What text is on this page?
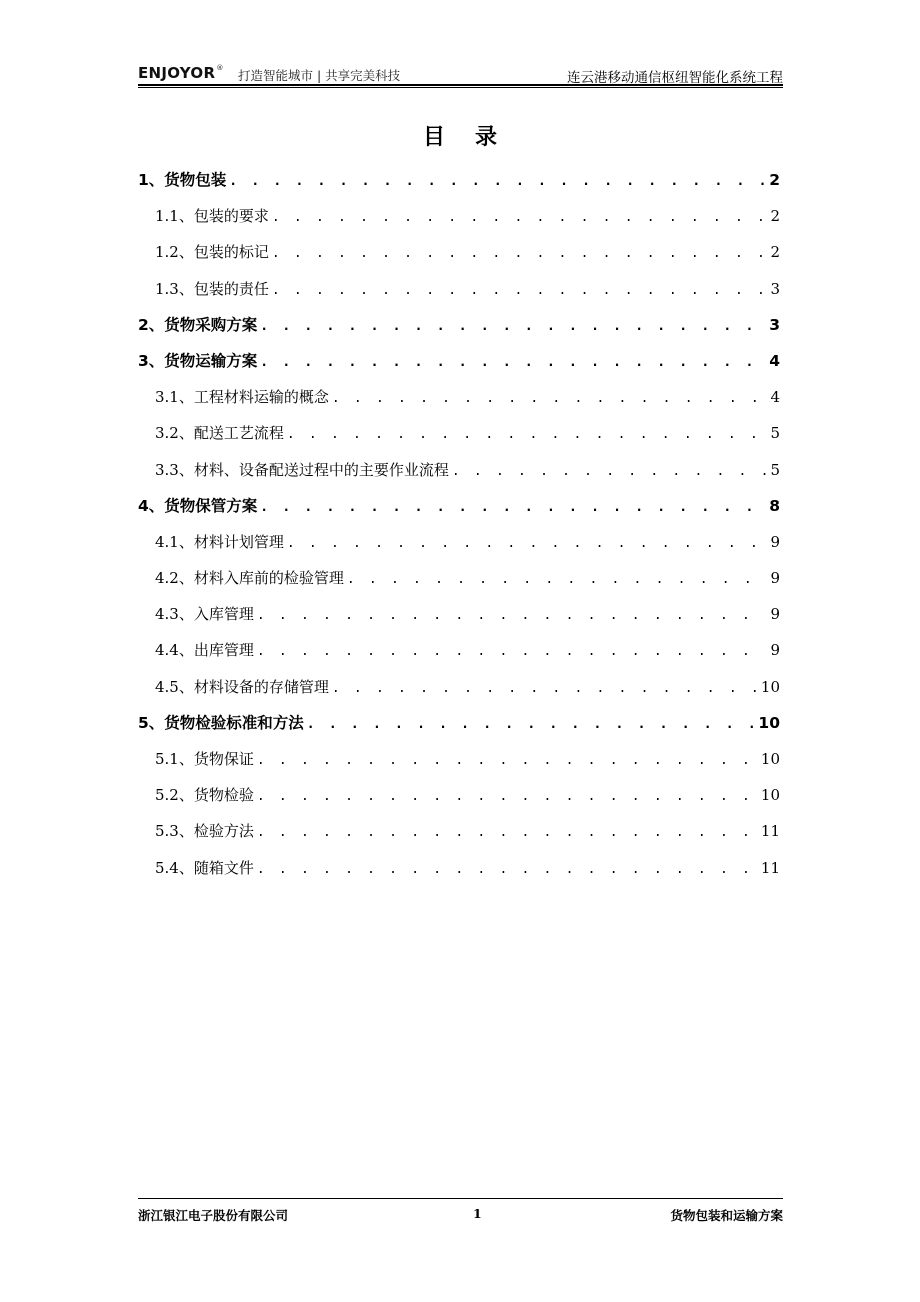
ENJOYOR® 打造智能城市 | 共享完美科技	连云港移动通信枢纽智能化系统工程
目录
1、货物包装 . . .	2
1.1、包装的要求 . . .	2
1.2、包装的标记 . . .	2
1.3、包装的责任 . . .	3
2、货物采购方案 . . .	3
3、货物运输方案 . . .	4
3.1、工程材料运输的概念 . . .	4
3.2、配送工艺流程 . . .	5
3.3、材料、设备配送过程中的主要作业流程 . . .	5
4、货物保管方案 . . .	8
4.1、材料计划管理 . . .	9
4.2、材料入库前的检验管理 . . .	9
4.3、入库管理 . . .	9
4.4、出库管理 . . .	9
4.5、材料设备的存储管理 . . .	10
5、货物检验标准和方法 . . .	10
5.1、货物保证 . . .	10
5.2、货物检验 . . .	10
5.3、检验方法 . . .	11
5.4、随箱文件 . . .	11
浙江银江电子股份有限公司	1	货物包装和运输方案
